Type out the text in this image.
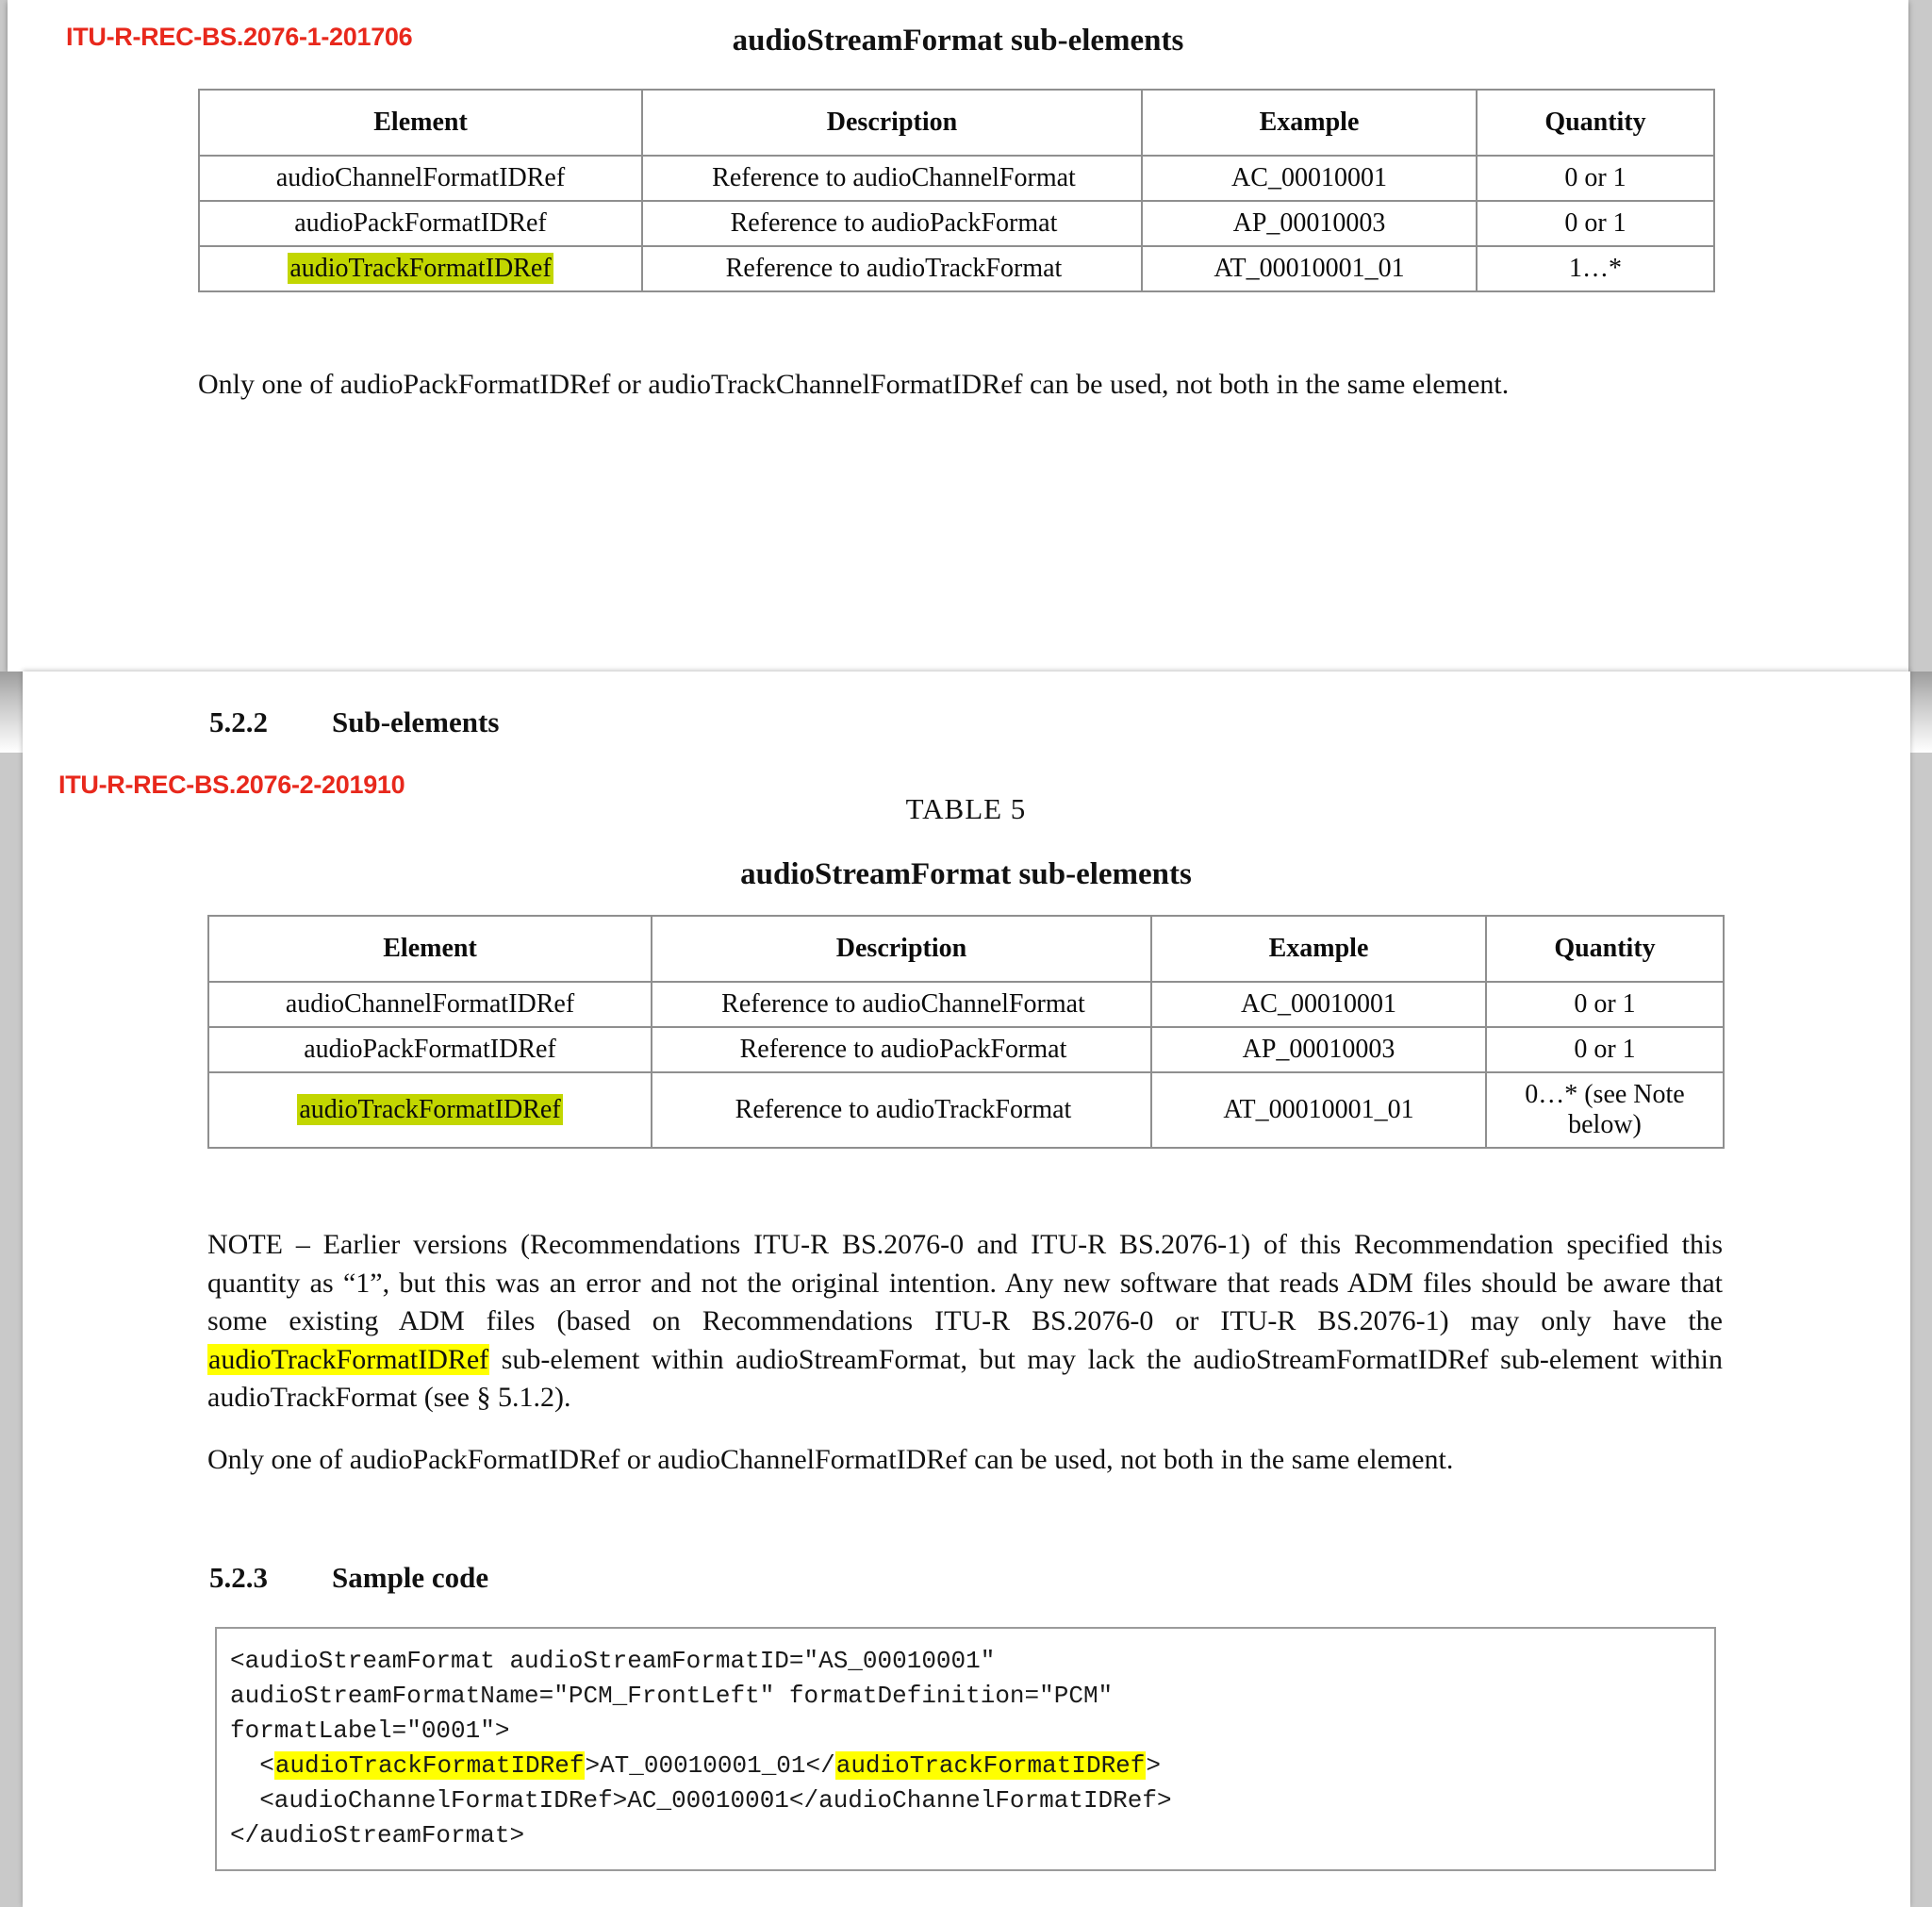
ITU-R-REC-BS.2076-1-201706	audioStreamFormat sub-elements
Element	Description	Example	Quantity
audioChannelFormatIDRef	Reference to audioChannelFormat	AC_00010001	0 or 1
audioPackFormatIDRef	Reference to audioPackFormat	AP_00010003	0 or 1
audioTrackFormatIDRef	Reference to audioTrackFormat	AT_00010001_01	1…*
Only one of audioPackFormatIDRef or audioTrackChannelFormatIDRef can be used, not both in the same element.
5.2.2 Sub-elements
ITU-R-REC-BS.2076-2-201910
TABLE 5
audioStreamFormat sub-elements
Element	Description	Example	Quantity
audioChannelFormatIDRef	Reference to audioChannelFormat	AC_00010001	0 or 1
audioPackFormatIDRef	Reference to audioPackFormat	AP_00010003	0 or 1
audioTrackFormatIDRef	Reference to audioTrackFormat	AT_00010001_01	0…* (see Note below)
NOTE – Earlier versions (Recommendations ITU-R BS.2076-0 and ITU-R BS.2076-1) of this Recommendation specified this quantity as “1”, but this was an error and not the original intention. Any new software that reads ADM files should be aware that some existing ADM files (based on Recommendations ITU-R BS.2076-0 or ITU-R BS.2076-1) may only have the audioTrackFormatIDRef sub-element within audioStreamFormat, but may lack the audioStreamFormatIDRef sub-element within audioTrackFormat (see § 5.1.2).
Only one of audioPackFormatIDRef or audioChannelFormatIDRef can be used, not both in the same element.
5.2.3 Sample code
<audioStreamFormat audioStreamFormatID="AS_00010001"
audioStreamFormatName="PCM_FrontLeft" formatDefinition="PCM"
formatLabel="0001">
<audioTrackFormatIDRef>AT_00010001_01</audioTrackFormatIDRef>
<audioChannelFormatIDRef>AC_00010001</audioChannelFormatIDRef>
</audioStreamFormat>
